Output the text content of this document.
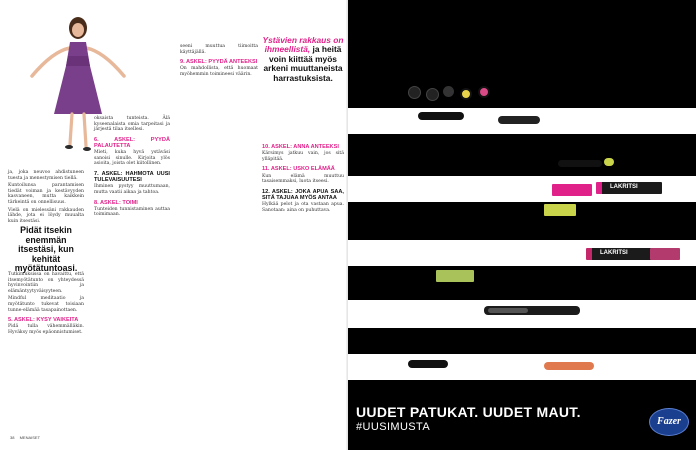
ja, joka neuvoo ahdistuneen tuesta ja menestymisen tiellä.

Kuntoilunsa parantamisen tiedät voiman ja kestävyyden kasvaneen, mutta kaikkein tärkeintä on onnellisuus.

Vielä on mielessäni rakkauden lähde, jota ei löydy muualta kuin itsestäsi.

Pidät itsekin enemmän itsestäsi, kun kehität myötätuntoasi.

Tutkimuksissa on havaittu, että itsemyötätunto on yhteydessä hyvinvointiin ja elämäntyytyväisyyteen.

Mindful meditaatio ja myötätunto tukevat toisiaan tunne-elämää tasapainottaen.

5. ASKEL: KYSY VAIKEITA

Pidä tulla vähemmälläkin. Hyväksy myös epäonnistumiset.

oksaista tunteista. Älä kyseenalaista omia tarpeitasi ja järjestä tilaa itsellesi.

6. ASKEL: PYYDÄ PALAUTETTA

Mieti, kuka hyvä ystäväsi sanoisi sinulle. Kirjoita ylös asioita, joista olet kiitollinen.

7. ASKEL: HAHMOTA UUSI TULEVAISUUTESI

Ihminen pystyy muuttumaan, mutta vaatii aikaa ja tahtoa.

8. ASKEL: TOIMI

Tunteiden tunnistaminen auttaa toimimaan.

seeni muuttua tiimoitta käyttäjällä.

9. ASKEL: PYYDÄ ANTEEKSI

On mahdollista, että huomaat myöhemmin toimineesi väärin.

Ystävien rakkaus on ihmeellistä, ja heitä voin kiittää myös arkeni muuttaneista harrastuksista.
10. ASKEL: ANNA ANTEEKSI

Kärsimys jatkuu vain, jos sitä ylläpitää.

11. ASKEL: USKO ELÄMÄÄ

Kun elämä muuttuu tasaisemmaksi, luota itseesi.

12. ASKEL: JOKA APUA SAA, SITÄ TAJUAA MYÖS ANTAA

Hylkää pelot ja ota vastaan apua. Sanotaan: aina on puhuttava.

38 MENAISET
LAKRITSI
LAKRITSI
UUDET PATUKAT. UUDET MAUT.
#UUSIMUSTA	Fazer
